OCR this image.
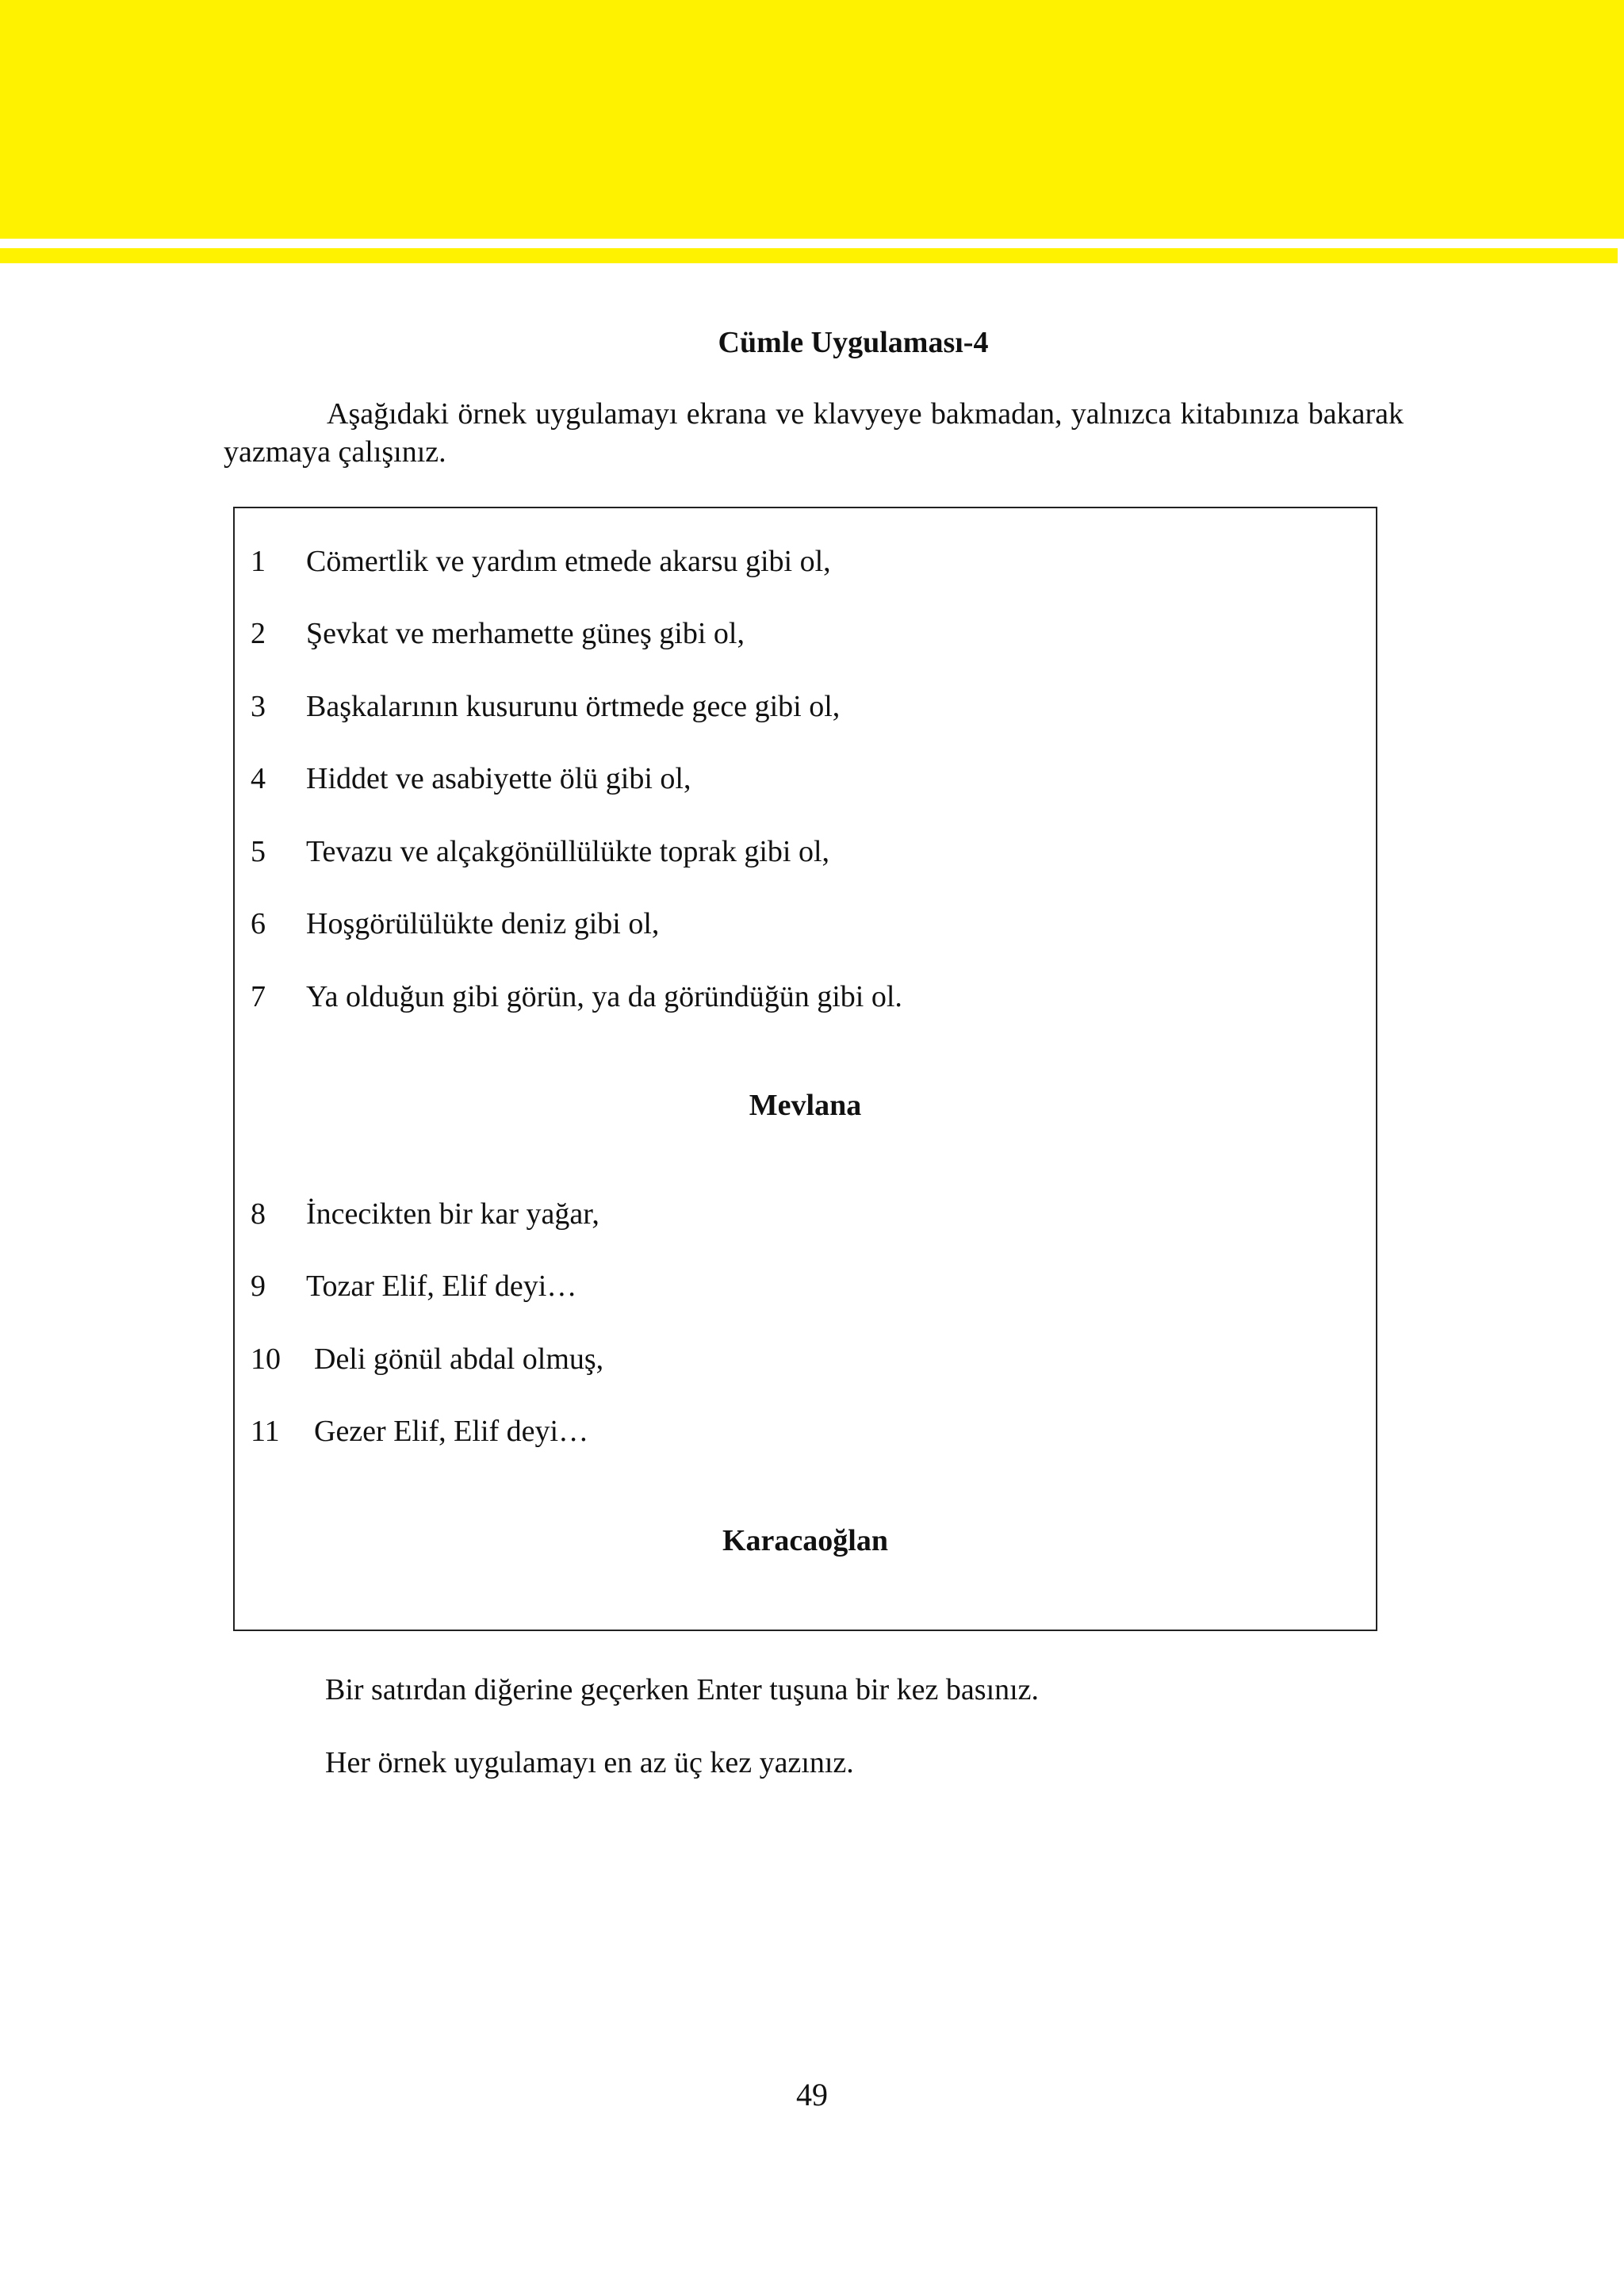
Cümle Uygulaması-4
Aşağıdaki örnek uygulamayı ekrana ve klavyeye bakmadan, yalnızca kitabınıza bakarak yazmaya çalışınız.
1 Cömertlik ve yardım etmede akarsu gibi ol,
2 Şevkat ve merhamette güneş gibi ol,
3 Başkalarının kusurunu örtmede gece gibi ol,
4 Hiddet ve asabiyette ölü gibi ol,
5 Tevazu ve alçakgönüllülükte toprak gibi ol,
6 Hoşgörülülükte deniz gibi ol,
7 Ya olduğun gibi görün, ya da göründüğün gibi ol.
Mevlana
8 İncecikten bir kar yağar,
9 Tozar Elif, Elif deyi…
10 Deli gönül abdal olmuş,
11 Gezer Elif, Elif deyi…
Karacaoğlan
Bir satırdan diğerine geçerken Enter tuşuna bir kez basınız.
Her örnek uygulamayı en az üç kez yazınız.
49
